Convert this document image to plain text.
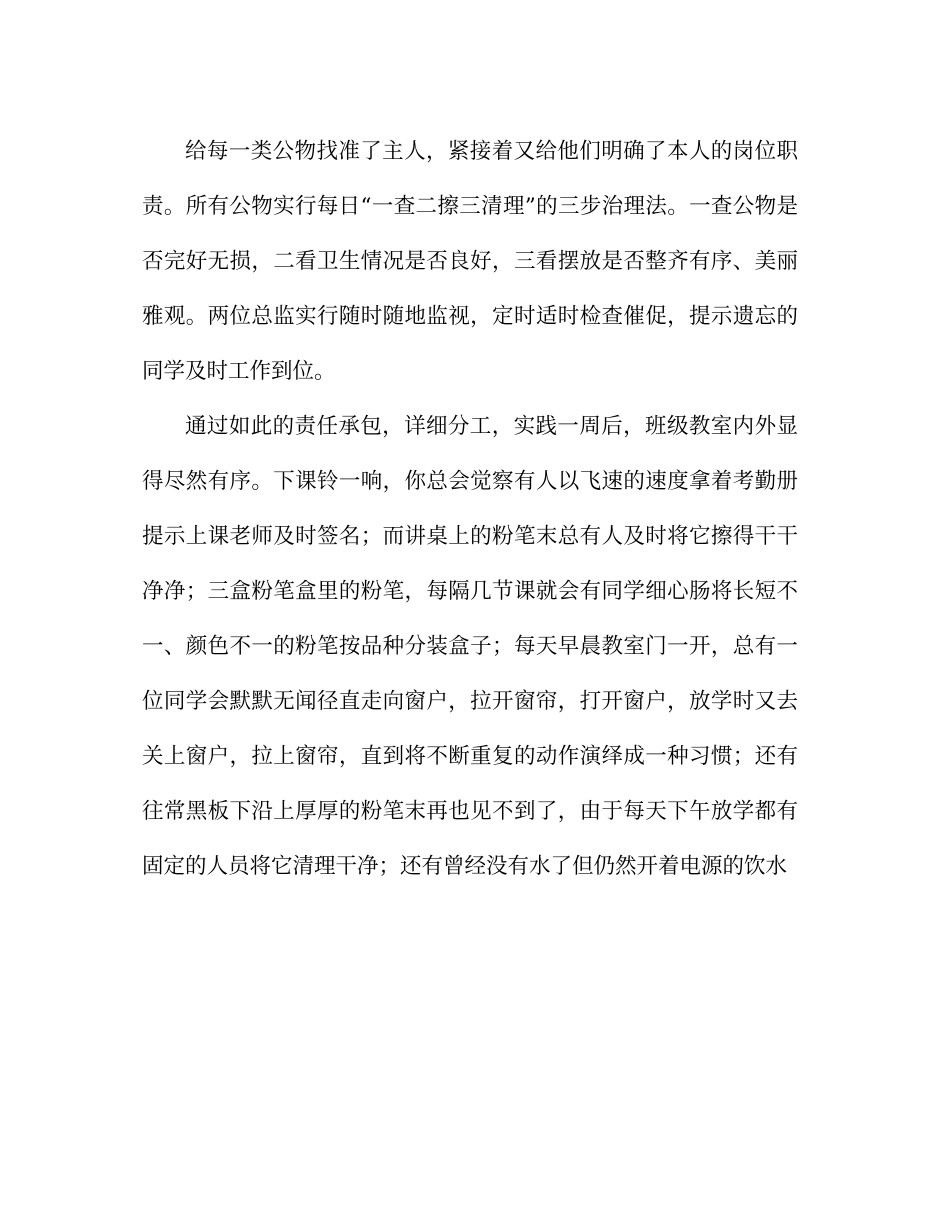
给每一类公物找准了主人，紧接着又给他们明确了本人的岗位职责。所有公物实行每日“一查二擦三清理”的三步治理法。一查公物是否完好无损，二看卫生情况是否良好，三看摆放是否整齐有序、美丽雅观。两位总监实行随时随地监视，定时适时检查催促，提示遗忘的同学及时工作到位。

通过如此的责任承包，详细分工，实践一周后，班级教室内外显得尽然有序。下课铃一响，你总会觉察有人以飞速的速度拿着考勤册提示上课老师及时签名；而讲桌上的粉笔末总有人及时将它擦得干干净净；三盒粉笔盒里的粉笔，每隔几节课就会有同学细心肠将长短不一、颜色不一的粉笔按品种分装盒子；每天早晨教室门一开，总有一位同学会默默无闻径直走向窗户，拉开窗帘，打开窗户，放学时又去关上窗户，拉上窗帘，直到将不断重复的动作演绎成一种习惯；还有往常黑板下沿上厚厚的粉笔末再也见不到了，由于每天下午放学都有固定的人员将它清理干净；还有曾经没有水了但仍然开着电源的饮水
